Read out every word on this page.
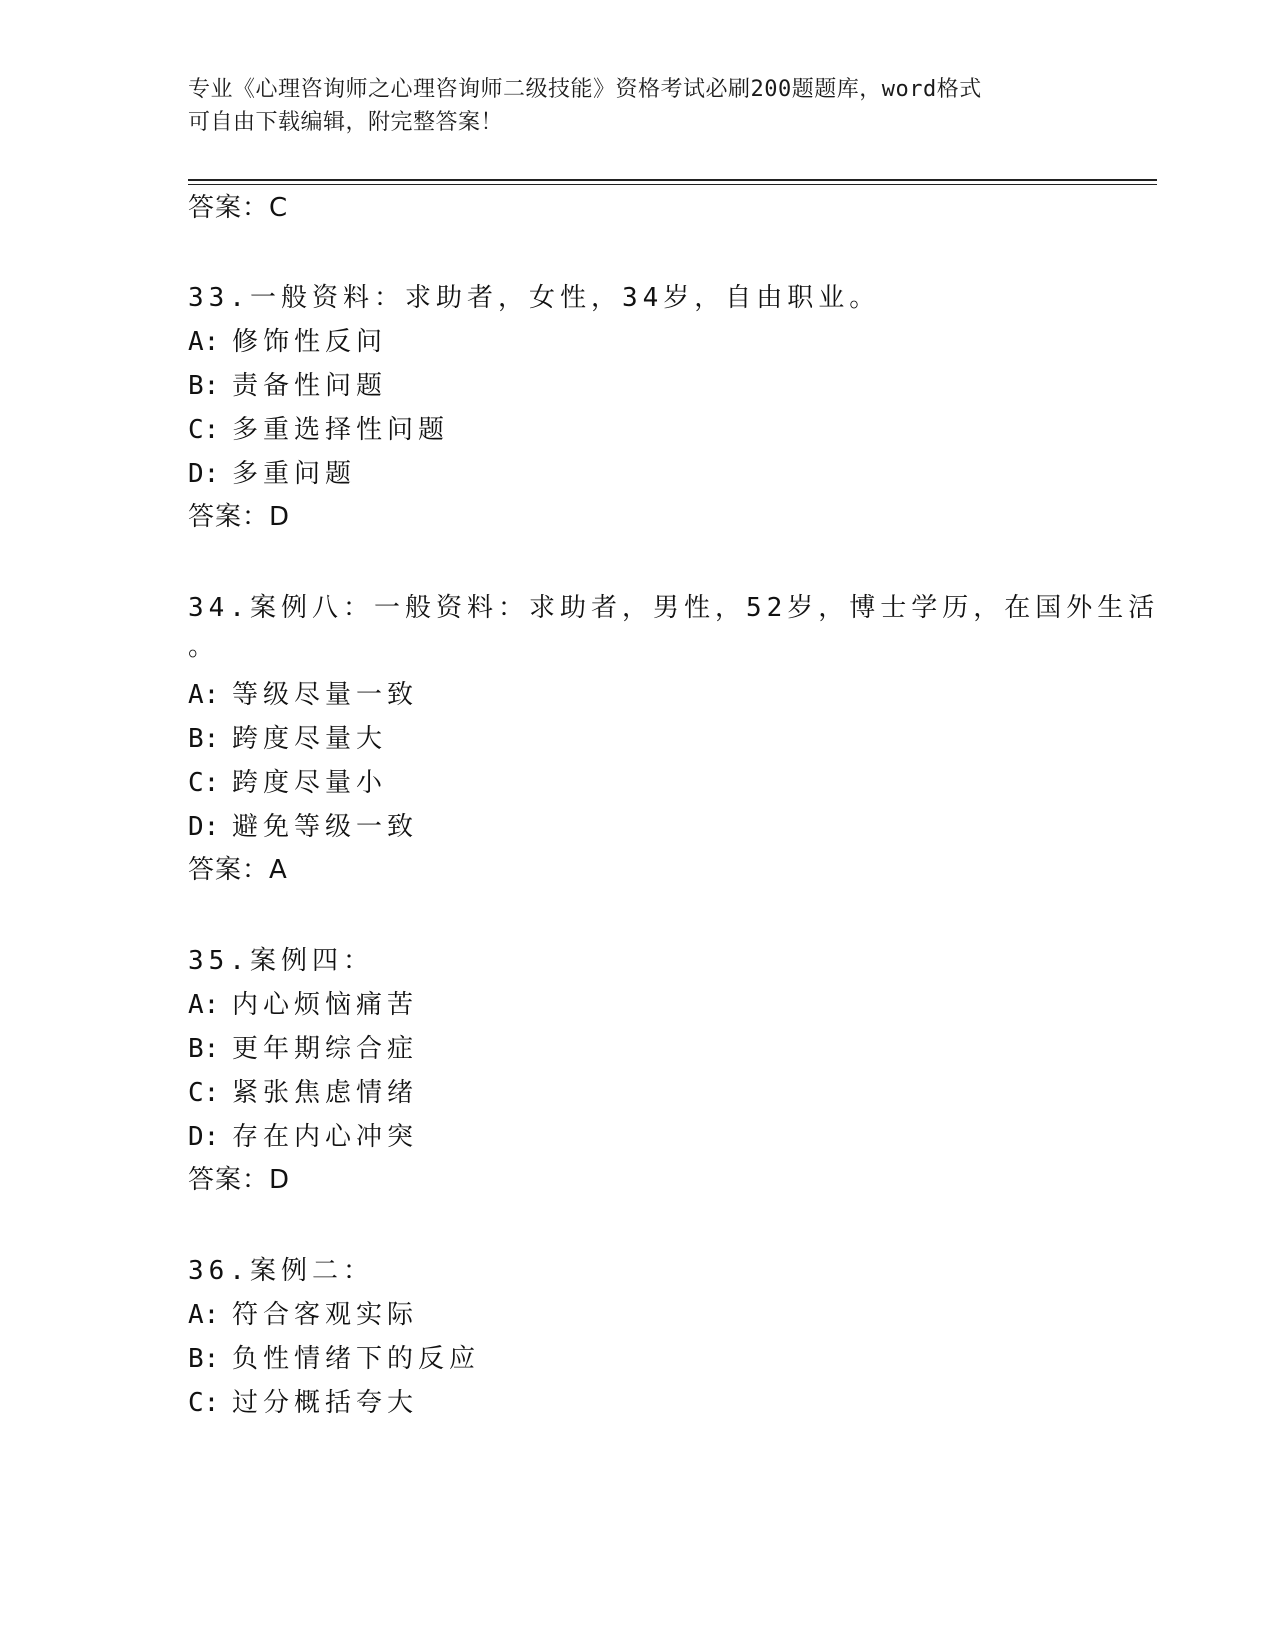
专业《心理咨询师之心理咨询师二级技能》资格考试必刷200题题库，word格式
可自由下载编辑，附完整答案！
答案：C
33.一般资料：求助者，女性，34岁，自由职业。
A: 修饰性反问
B: 责备性问题
C: 多重选择性问题
D: 多重问题
答案：D
34.案例八：一般资料：求助者，男性，52岁，博士学历，在国外生活
。
A: 等级尽量一致
B: 跨度尽量大
C: 跨度尽量小
D: 避免等级一致
答案：A
35.案例四：
A: 内心烦恼痛苦
B: 更年期综合症
C: 紧张焦虑情绪
D: 存在内心冲突
答案：D
36.案例二：
A: 符合客观实际
B: 负性情绪下的反应
C: 过分概括夸大
